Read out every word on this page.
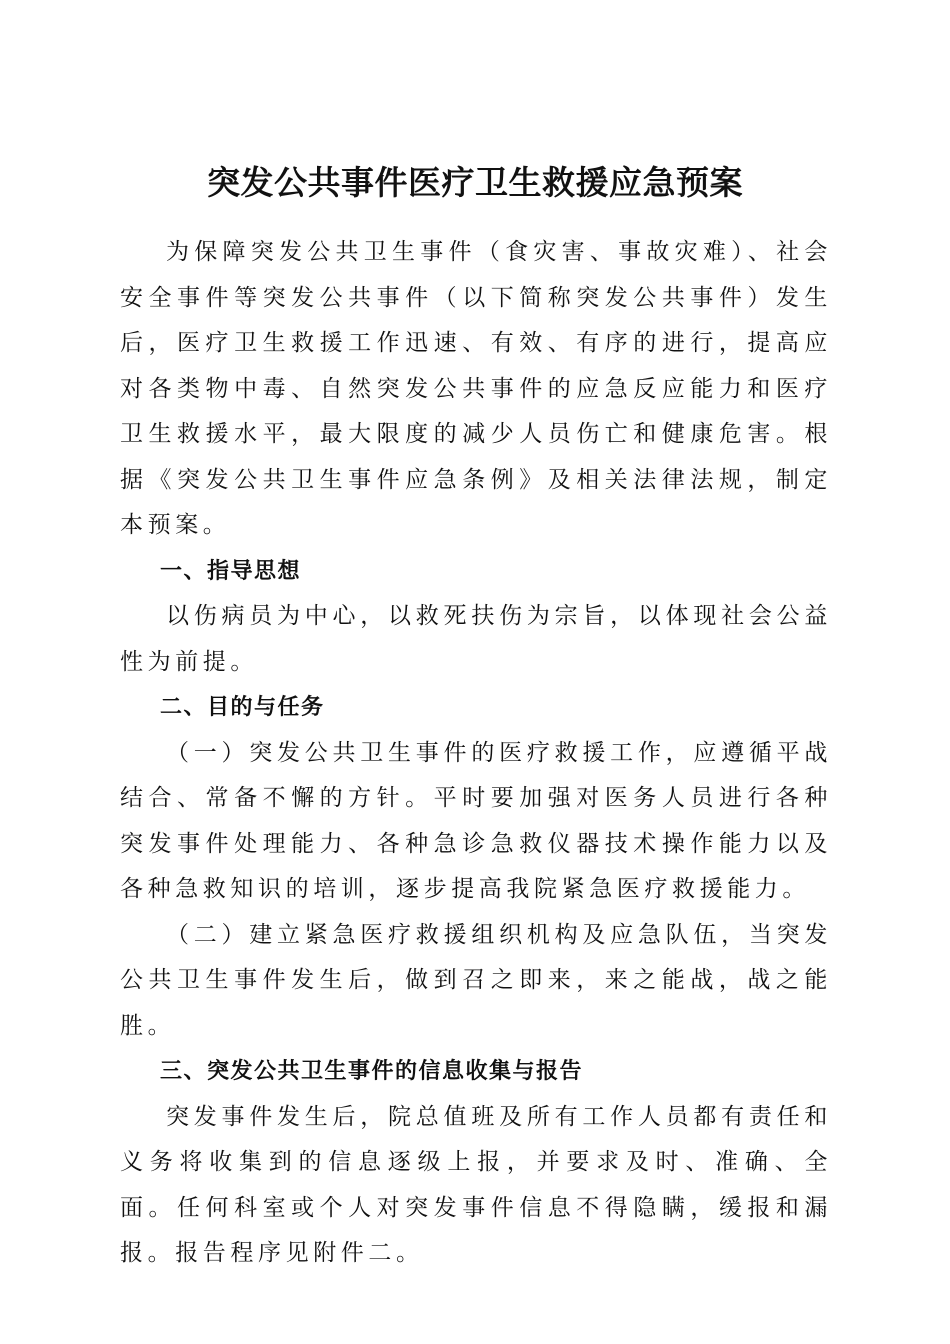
突发公共事件医疗卫生救援应急预案

为保障突发公共卫生事件（食灾害、事故灾难）、社会安全事件等突发公共事件（以下简称突发公共事件）发生后，医疗卫生救援工作迅速、有效、有序的进行，提高应对各类物中毒、自然突发公共事件的应急反应能力和医疗卫生救援水平，最大限度的减少人员伤亡和健康危害。根据《突发公共卫生事件应急条例》及相关法律法规，制定本预案。

一、指导思想

以伤病员为中心，以救死扶伤为宗旨，以体现社会公益性为前提。

二、目的与任务

（一）突发公共卫生事件的医疗救援工作，应遵循平战结合、常备不懈的方针。平时要加强对医务人员进行各种突发事件处理能力、各种急诊急救仪器技术操作能力以及各种急救知识的培训，逐步提高我院紧急医疗救援能力。

（二）建立紧急医疗救援组织机构及应急队伍，当突发公共卫生事件发生后，做到召之即来，来之能战，战之能胜。

三、突发公共卫生事件的信息收集与报告

突发事件发生后，院总值班及所有工作人员都有责任和义务将收集到的信息逐级上报，并要求及时、准确、全面。任何科室或个人对突发事件信息不得隐瞒，缓报和漏报。报告程序见附件二。
